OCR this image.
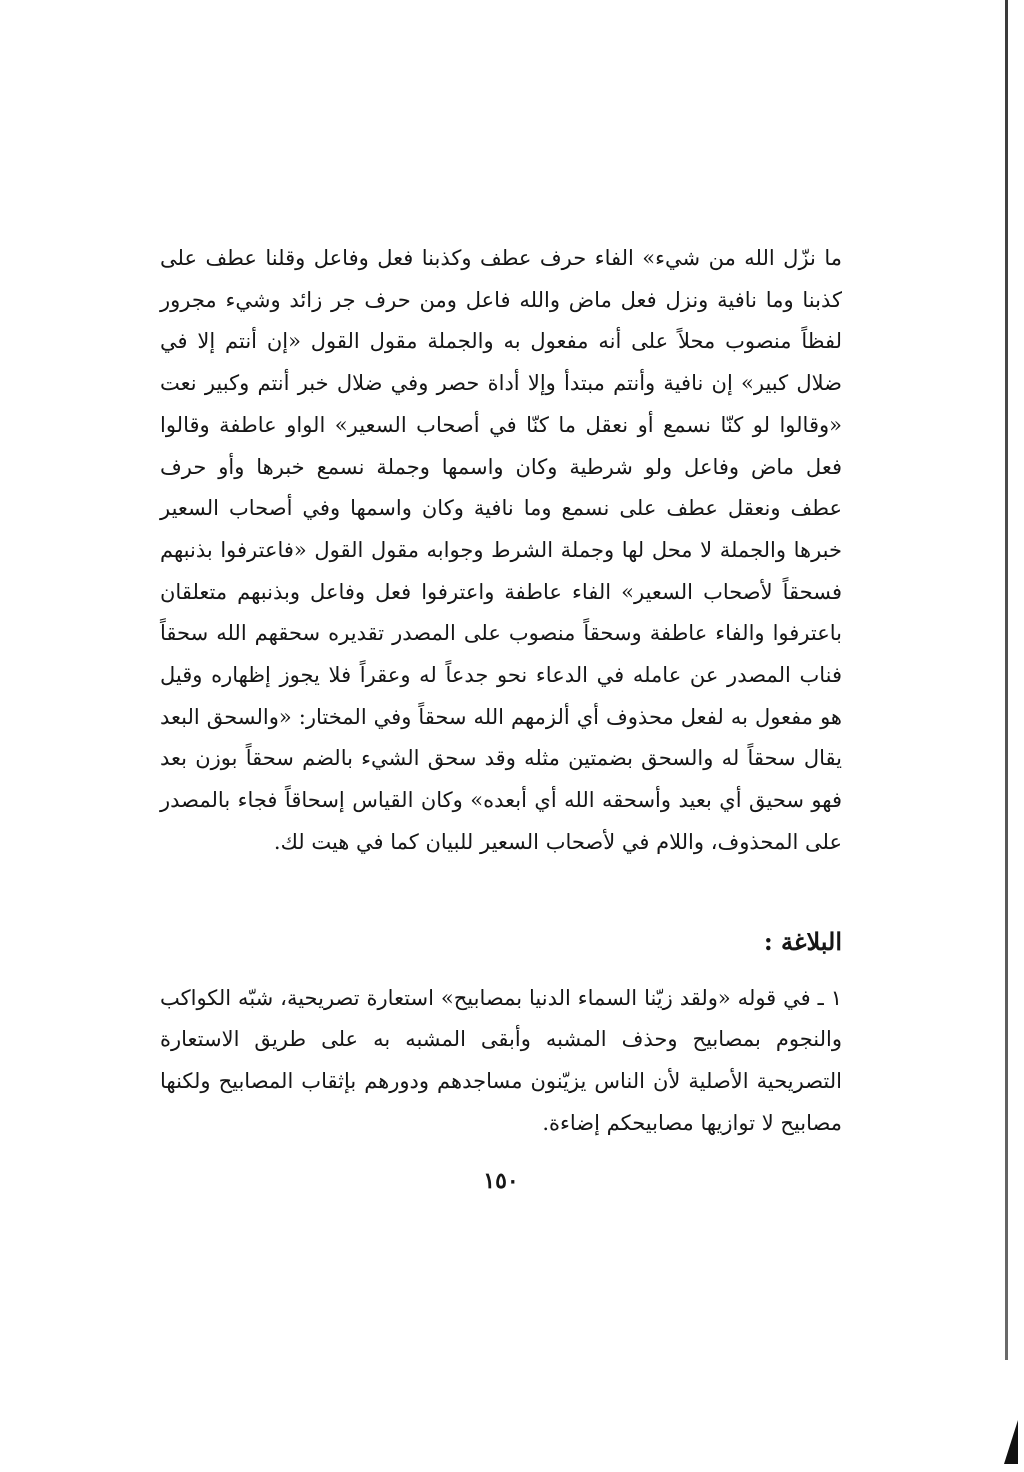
ما نزّل الله من شيء» الفاء حرف عطف وكذبنا فعل وفاعل وقلنا عطف على كذبنا وما نافية ونزل فعل ماض والله فاعل ومن حرف جر زائد وشيء مجرور لفظاً منصوب محلاً على أنه مفعول به والجملة مقول القول «إن أنتم إلا في ضلال كبير» إن نافية وأنتم مبتدأ وإلا أداة حصر وفي ضلال خبر أنتم وكبير نعت «وقالوا لو كنّا نسمع أو نعقل ما كنّا في أصحاب السعير» الواو عاطفة وقالوا فعل ماض وفاعل ولو شرطية وكان واسمها وجملة نسمع خبرها وأو حرف عطف ونعقل عطف على نسمع وما نافية وكان واسمها وفي أصحاب السعير خبرها والجملة لا محل لها وجملة الشرط وجوابه مقول القول «فاعترفوا بذنبهم فسحقاً لأصحاب السعير» الفاء عاطفة واعترفوا فعل وفاعل وبذنبهم متعلقان باعترفوا والفاء عاطفة وسحقاً منصوب على المصدر تقديره سحقهم الله سحقاً فناب المصدر عن عامله في الدعاء نحو جدعاً له وعقراً فلا يجوز إظهاره وقيل هو مفعول به لفعل محذوف أي ألزمهم الله سحقاً وفي المختار: «والسحق البعد يقال سحقاً له والسحق بضمتين مثله وقد سحق الشيء بالضم سحقاً بوزن بعد فهو سحيق أي بعيد وأسحقه الله أي أبعده» وكان القياس إسحاقاً فجاء بالمصدر على المحذوف، واللام في لأصحاب السعير للبيان كما في هيت لك.

البلاغة :

١ ـ في قوله «ولقد زيّنا السماء الدنيا بمصابيح» استعارة تصريحية، شبّه الكواكب والنجوم بمصابيح وحذف المشبه وأبقى المشبه به على طريق الاستعارة التصريحية الأصلية لأن الناس يزيّنون مساجدهم ودورهم بإثقاب المصابيح ولكنها مصابيح لا توازيها مصابيحكم إضاءة.

١٥٠
